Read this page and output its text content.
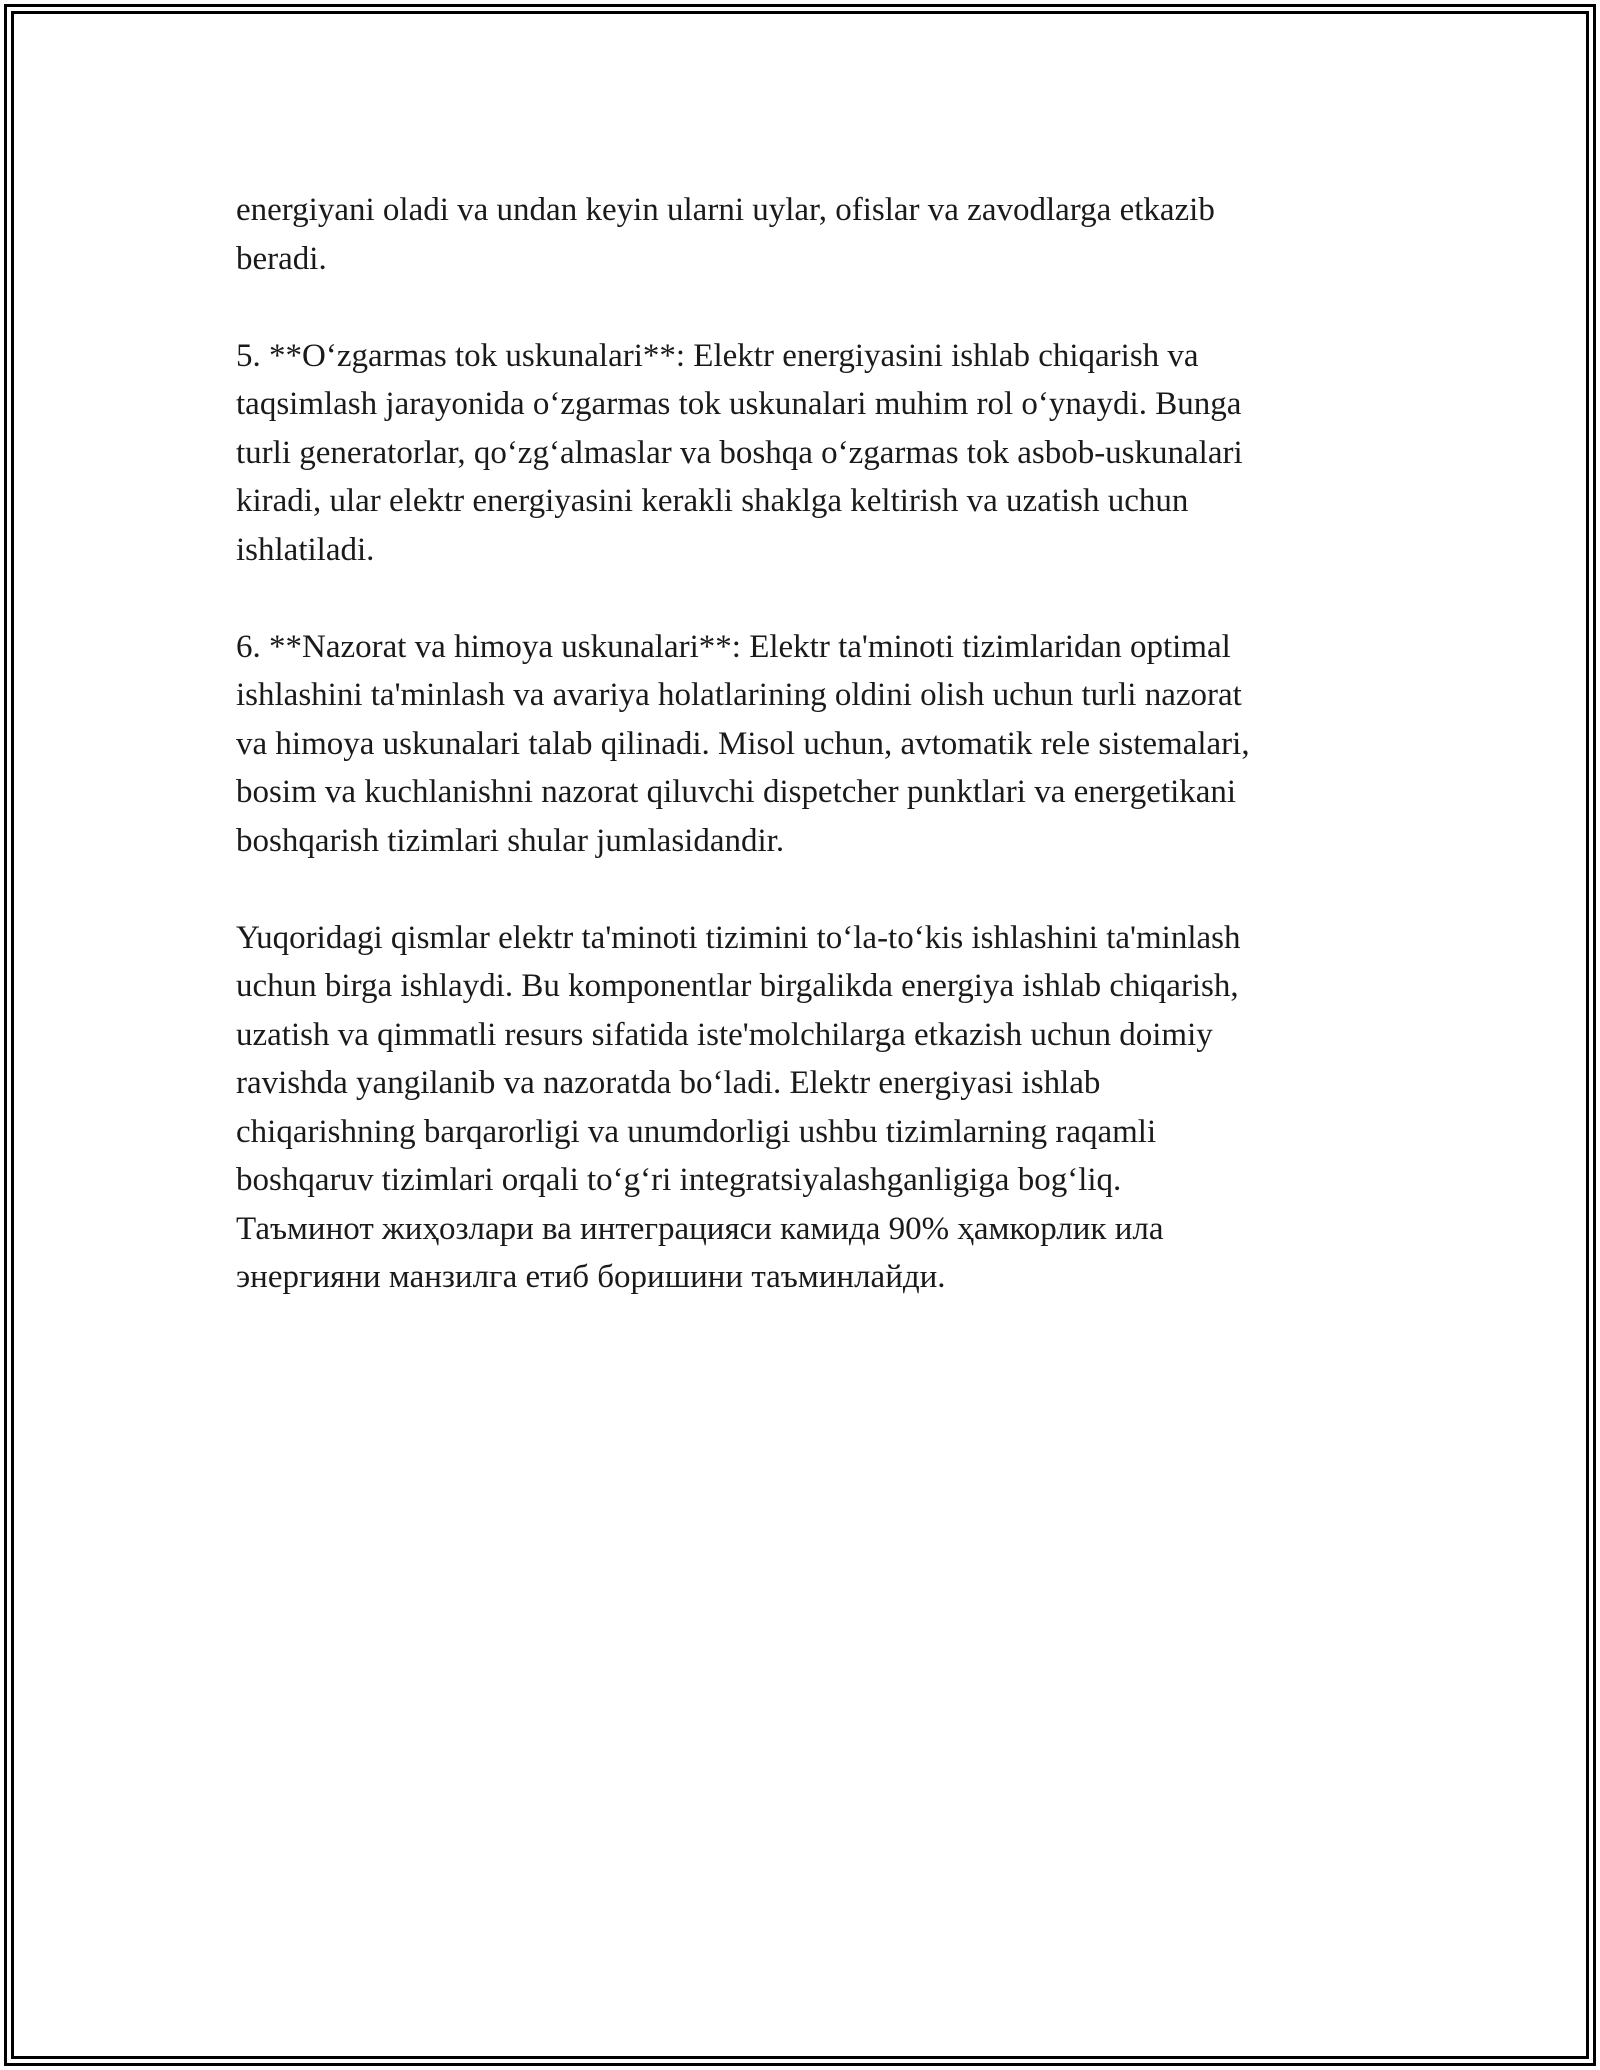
energiyani oladi va undan keyin ularni uylar, ofislar va zavodlarga etkazib
beradi.

5. **O‘zgarmas tok uskunalari**: Elektr energiyasini ishlab chiqarish va
taqsimlash jarayonida o‘zgarmas tok uskunalari muhim rol o‘ynaydi. Bunga
turli generatorlar, qo‘zg‘almaslar va boshqa o‘zgarmas tok asbob-uskunalari
kiradi, ular elektr energiyasini kerakli shaklga keltirish va uzatish uchun
ishlatiladi.

6. **Nazorat va himoya uskunalari**: Elektr ta'minoti tizimlaridan optimal
ishlashini ta'minlash va avariya holatlarining oldini olish uchun turli nazorat
va himoya uskunalari talab qilinadi. Misol uchun, avtomatik rele sistemalari,
bosim va kuchlanishni nazorat qiluvchi dispetcher punktlari va energetikani
boshqarish tizimlari shular jumlasidandir.

Yuqoridagi qismlar elektr ta'minoti tizimini to‘la-to‘kis ishlashini ta'minlash
uchun birga ishlaydi. Bu komponentlar birgalikda energiya ishlab chiqarish,
uzatish va qimmatli resurs sifatida iste'molchilarga etkazish uchun doimiy
ravishda yangilanib va nazoratda bo‘ladi. Elektr energiyasi ishlab
chiqarishning barqarorligi va unumdorligi ushbu tizimlarning raqamli
boshqaruv tizimlari orqali to‘g‘ri integratsiyalashganligiga bog‘liq.
Таъминот жиҳозлари ва интеграцияси камида 90% ҳамкорлик ила
энергияни манзилга етиб боришини таъминлайди.
